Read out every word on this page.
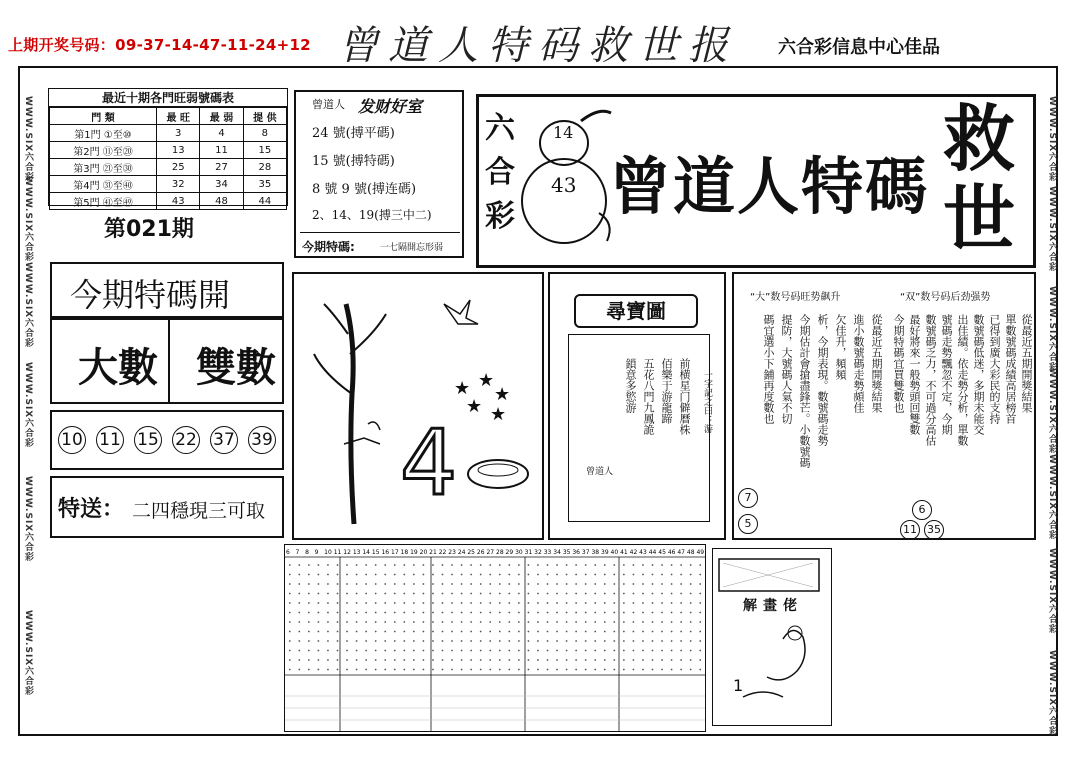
上期开奖号码：09-37-14-47-11-24+12 曾道人特码救世报 六合彩信息中心佳品
WWW.SIX六合彩
WWW.SIX六合彩
WWW.SIX六合彩
WWW.SIX六合彩
WWW.SIX六合彩
WWW.SIX六合彩
WWW.SIX六合彩
WWW.SIX六合彩
WWW.SIX六合彩
WWW.SIX六合彩
WWW.SIX六合彩
WWW.SIX六合彩
WWW.SIX六合彩
最近十期各門旺弱號碼表
門 類	最 旺	最 弱	提 供
第1門 ①至⑩	3	4	8
第2門 ⑪至⑳	13	11	15
第3門 ㉑至㉚	25	27	28
第4門 ㉛至㊵	32	34	35
第5門 ㊶至㊾	43	48	44
曾道人 发财好室
24 號(搏平碼)
15 號(搏特碼)
8 號 9 號(搏连碼)
2、14、19(搏三中二)
今期特碼:	一七隔開忘形弱
六
合
彩
14
43 曾道人特碼
救
世
第021期
今期特碼開
大數 雙數
10 11 15 22 37 39
特送： 二四穩現三可取 4
★ ★
★
★ ★
尋寶圖
前横星门僻曆株
佰樂于游龍蹄
五花八門九鳳詭
鎖意多慾游	一字記之曰：游
曾道人
“大”数号码旺势飙升	“双”数号码后劲强势
從最近五期開獎結果
進小數號碼走勢頗佳
欠佳升，頻頻
析，今期表現。數號碼走勢
今期估計會搶盡鋒芒。小數號碼
提防，大號碼人氣不切
碼宜選小下鋪再度數也	從最近五期開獎結果
單數號碼成績高居榜首
已得到廣大彩民的支持
數號碼低迷，多期未能交
出佳績。依走勢分析，單數
號碼走勢飄忽不定，今期
數號碼乏力，不可過分高估
最好將來一般勢頭回雙數
今期特碼宜買雙數也
7
5
6
11 35
6 7 8 9 10 11 12 13 14 15 16 17 18 19 20 21 22 23 24 25 26 27 28 29 30 31 32 33 34 35 36 37 38 39 40 41 42 43 44 45 46 47 48 49
1
解畫佬
